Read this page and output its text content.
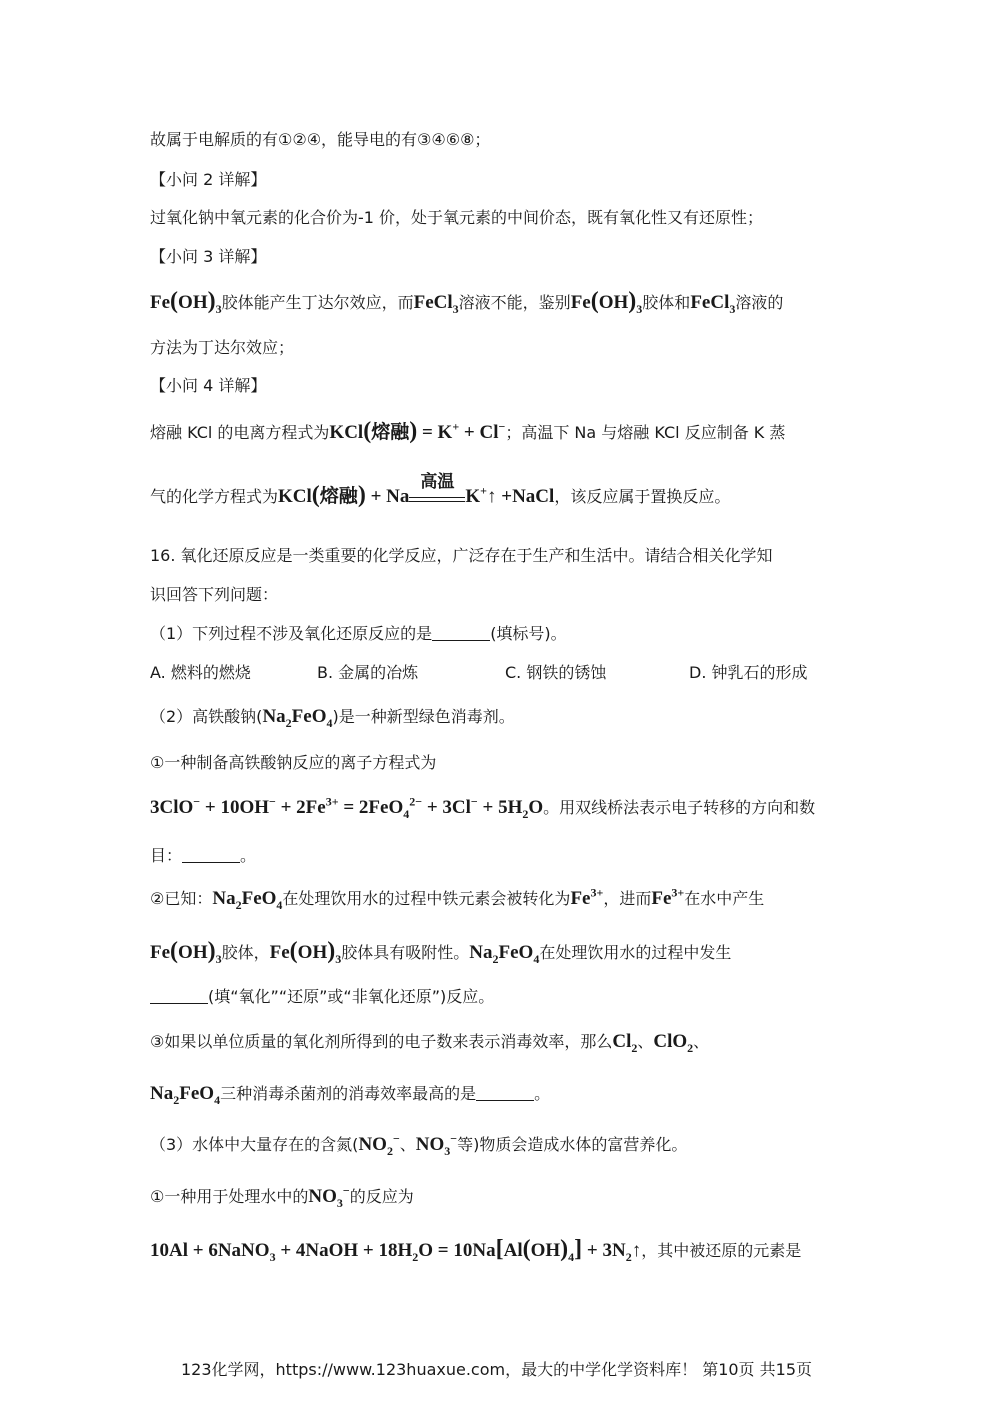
故属于电解质的有①②④，能导电的有③④⑥⑧；
【小问 2 详解】
过氧化钠中氧元素的化合价为-1 价，处于氧元素的中间价态，既有氧化性又有还原性；
【小问 3 详解】
$Fe(OH)_3$胶体能产生丁达尔效应，而FeCl$_3$溶液不能，鉴别$Fe(OH)_3$胶体和FeCl$_3$溶液的
方法为丁达尔效应；
【小问 4 详解】
熔融 KCl 的电离方程式为KCl(熔融) = K+ + Cl−；高温下 Na 与熔融 KCl 反应制备 K 蒸
气的化学方程式为KCl(熔融) + Na
高温
K+↑ +NaCl，该反应属于置换反应。
16. 氧化还原反应是一类重要的化学反应，广泛存在于生产和生活中。请结合相关化学知
识回答下列问题：
（1）下列过程不涉及氧化还原反应的是	(填标号)。
A. 燃料的燃烧	B. 金属的冶炼	C. 钢铁的锈蚀	D. 钟乳石的形成
（2）高铁酸钠$(Na_2FeO_4)$是一种新型绿色消毒剂。
①一种制备高铁酸钠反应的离子方程式为
$3ClO^- + 10OH^- + 2Fe^{3+} = 2FeO_4^{2-} + 3Cl^- + 5H_2O$。用双线桥法表示电子转移的方向和数
目：	。
②已知：$Na_2FeO_4$在处理饮用水的过程中铁元素会被转化为$Fe^{3+}$，进而$Fe^{3+}$在水中产生
$Fe(OH)_3$胶体，$Fe(OH)_3$胶体具有吸附性。$Na_2FeO_4$在处理饮用水的过程中发生
(填“氧化”“还原”或“非氧化还原”)反应。
③如果以单位质量的氧化剂所得到的电子数来表示消毒效率，那么$Cl_2$、ClO$_2$、
$Na_2FeO_4$三种消毒杀菌剂的消毒效率最高的是	。
（3）水体中大量存在的含氮($NO_2^-$、$NO_3^-$等)物质会造成水体的富营养化。
①一种用于处理水中的$NO_3^-$的反应为
10Al + 6NaNO$_3$ + 4NaOH + $18H_2O = 10Na[Al(OH)_4]$ + $3N_2↑$，其中被还原的元素是
123化学网，https://www.123huaxue.com，最大的中学化学资料库！ 第10页 共15页
